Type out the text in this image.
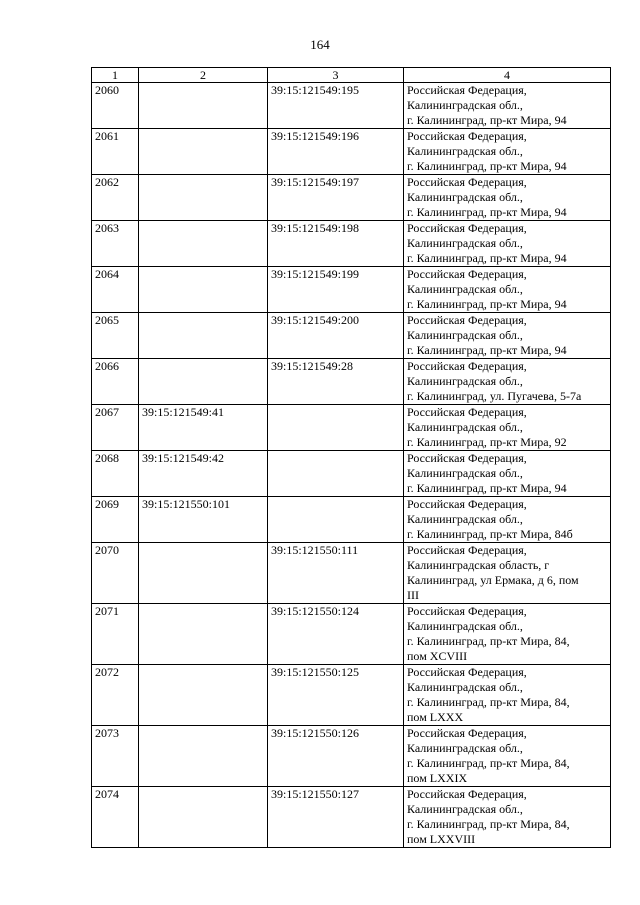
164
1	2	3	4
2060		39:15:121549:195	Российская Федерация,
Калининградская обл.,
г. Калининград, пр-кт Мира, 94

2061		39:15:121549:196	Российская Федерация,
Калининградская обл.,
г. Калининград, пр-кт Мира, 94

2062		39:15:121549:197	Российская Федерация,
Калининградская обл.,
г. Калининград, пр-кт Мира, 94

2063		39:15:121549:198	Российская Федерация,
Калининградская обл.,
г. Калининград, пр-кт Мира, 94

2064		39:15:121549:199	Российская Федерация,
Калининградская обл.,
г. Калининград, пр-кт Мира, 94

2065		39:15:121549:200	Российская Федерация,
Калининградская обл.,
г. Калининград, пр-кт Мира, 94

2066		39:15:121549:28	Российская Федерация,
Калининградская обл.,
г. Калининград, ул. Пугачева, 5-7а

2067	39:15:121549:41		Российская Федерация,
Калининградская обл.,
г. Калининград, пр-кт Мира, 92

2068	39:15:121549:42		Российская Федерация,
Калининградская обл.,
г. Калининград, пр-кт Мира, 94

2069	39:15:121550:101		Российская Федерация,
Калининградская обл.,
г. Калининград, пр-кт Мира, 84б

2070		39:15:121550:111	Российская Федерация,
Калининградская область, г
Калининград, ул Ермака, д 6, пом
III

2071		39:15:121550:124	Российская Федерация,
Калининградская обл.,
г. Калининград, пр-кт Мира, 84,
пом XCVIII

2072		39:15:121550:125	Российская Федерация,
Калининградская обл.,
г. Калининград, пр-кт Мира, 84,
пом LXXX

2073		39:15:121550:126	Российская Федерация,
Калининградская обл.,
г. Калининград, пр-кт Мира, 84,
пом LXXIX

2074		39:15:121550:127	Российская Федерация,
Калининградская обл.,
г. Калининград, пр-кт Мира, 84,
пом LXXVIII
